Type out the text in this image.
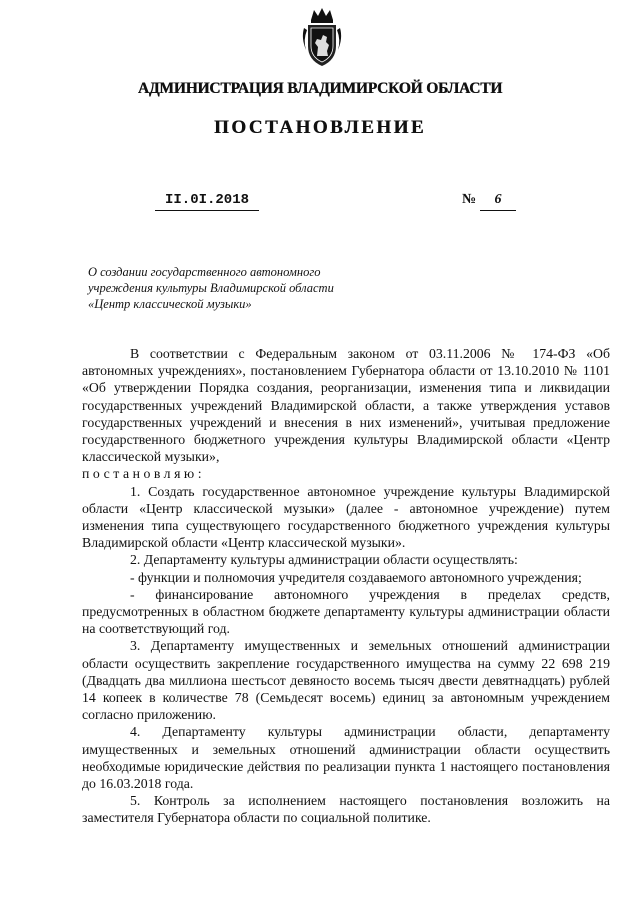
АДМИНИСТРАЦИЯ ВЛАДИМИРСКОЙ ОБЛАСТИ
ПОСТАНОВЛЕНИЕ
II.0I.2018	№	6
О создании государственного автономного
учреждения культуры Владимирской области
«Центр классической музыки»

В соответствии с Федеральным законом от 03.11.2006 № 174-ФЗ «Об автономных учреждениях», постановлением Губернатора области от 13.10.2010 № 1101 «Об утверждении Порядка создания, реорганизации, изменения типа и ликвидации государственных учреждений Владимирской области, а также утверждения уставов государственных учреждений и внесения в них изменений», учитывая предложение государственного бюджетного учреждения культуры Владимирской области «Центр классической музыки»,

постановляю:

1. Создать государственное автономное учреждение культуры Владимирской области «Центр классической музыки» (далее - автономное учреждение) путем изменения типа существующего государственного бюджетного учреждения культуры Владимирской области «Центр классической музыки».

2. Департаменту культуры администрации области осуществлять:

- функции и полномочия учредителя создаваемого автономного учреждения;

- финансирование автономного учреждения в пределах средств, предусмотренных в областном бюджете департаменту культуры администрации области на соответствующий год.

3. Департаменту имущественных и земельных отношений администрации области осуществить закрепление государственного имущества на сумму 22 698 219 (Двадцать два миллиона шестьсот девяносто восемь тысяч двести девятнадцать) рублей 14 копеек в количестве 78 (Семьдесят восемь) единиц за автономным учреждением согласно приложению.

4. Департаменту культуры администрации области, департаменту имущественных и земельных отношений администрации области осуществить необходимые юридические действия по реализации пункта 1 настоящего постановления до 16.03.2018 года.

5. Контроль за исполнением настоящего постановления возложить на заместителя Губернатора области по социальной политике.
